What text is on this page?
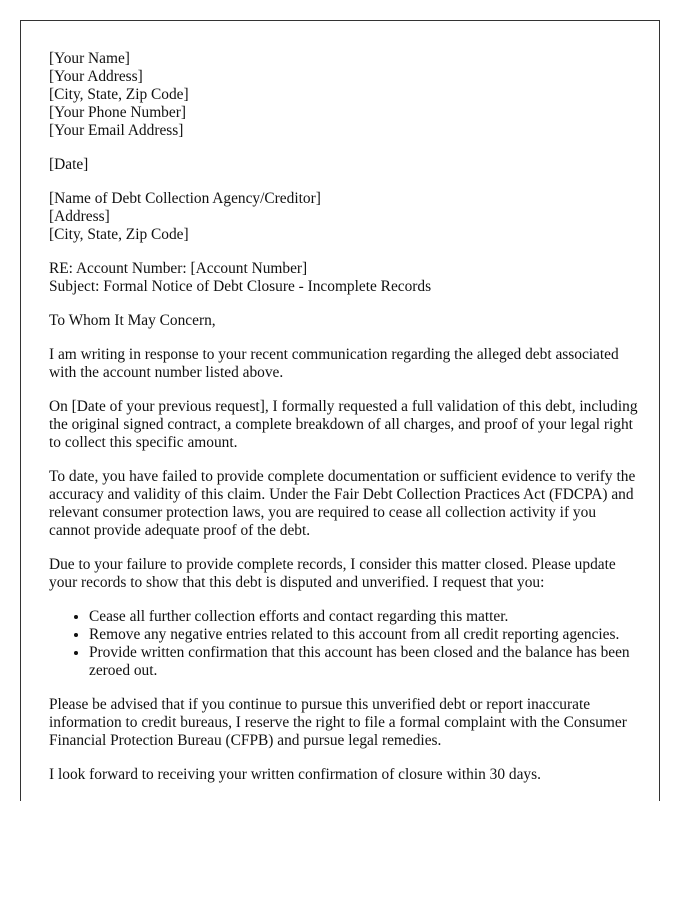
[Your Name]
[Your Address]
[City, State, Zip Code]
[Your Phone Number]
[Your Email Address]
[Date]
[Name of Debt Collection Agency/Creditor]
[Address]
[City, State, Zip Code]
RE: Account Number: [Account Number]
Subject: Formal Notice of Debt Closure - Incomplete Records

To Whom It May Concern,

I am writing in response to your recent communication regarding the alleged debt associated with the account number listed above.

On [Date of your previous request], I formally requested a full validation of this debt, including the original signed contract, a complete breakdown of all charges, and proof of your legal right to collect this specific amount.

To date, you have failed to provide complete documentation or sufficient evidence to verify the accuracy and validity of this claim. Under the Fair Debt Collection Practices Act (FDCPA) and relevant consumer protection laws, you are required to cease all collection activity if you cannot provide adequate proof of the debt.

Due to your failure to provide complete records, I consider this matter closed. Please update your records to show that this debt is disputed and unverified. I request that you:

• Cease all further collection efforts and contact regarding this matter.
• Remove any negative entries related to this account from all credit reporting agencies.
• Provide written confirmation that this account has been closed and the balance has been zeroed out.

Please be advised that if you continue to pursue this unverified debt or report inaccurate information to credit bureaus, I reserve the right to file a formal complaint with the Consumer Financial Protection Bureau (CFPB) and pursue legal remedies.

I look forward to receiving your written confirmation of closure within 30 days.
